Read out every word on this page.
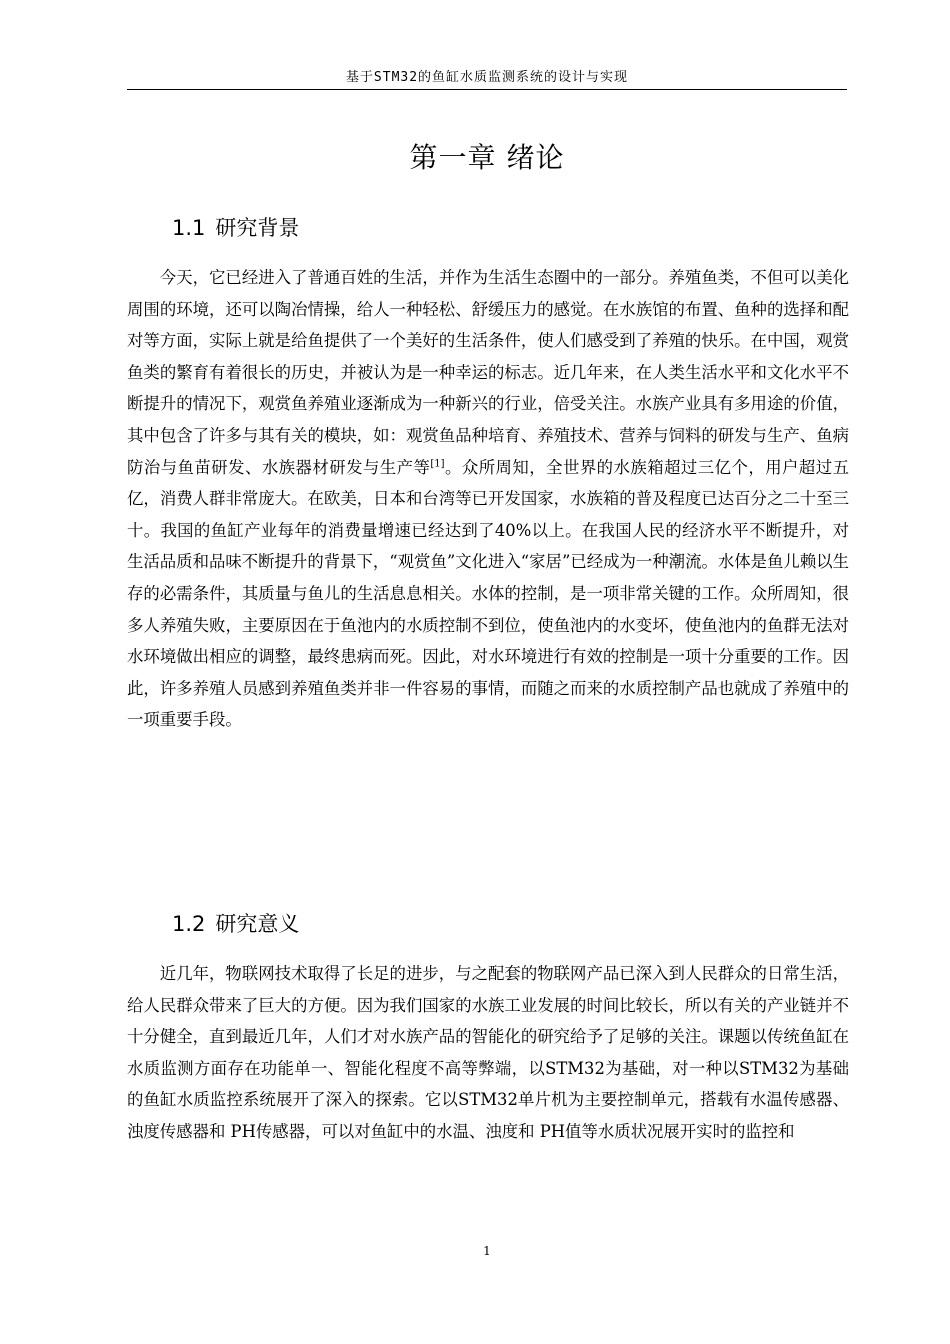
基于STM32的鱼缸水质监测系统的设计与实现
第一章 绪论
1.1 研究背景
今天，它已经进入了普通百姓的生活，并作为生活生态圈中的一部分。养殖鱼类，不但可以美化周围的环境，还可以陶冶情操，给人一种轻松、舒缓压力的感觉。在水族馆的布置、鱼种的选择和配对等方面，实际上就是给鱼提供了一个美好的生活条件，使人们感受到了养殖的快乐。在中国，观赏鱼类的繁育有着很长的历史，并被认为是一种幸运的标志。近几年来，在人类生活水平和文化水平不断提升的情况下，观赏鱼养殖业逐渐成为一种新兴的行业，倍受关注。水族产业具有多用途的价值，其中包含了许多与其有关的模块，如：观赏鱼品种培育、养殖技术、营养与饲料的研发与生产、鱼病防治与鱼苗研发、水族器材研发与生产等[1]。众所周知，全世界的水族箱超过三亿个，用户超过五亿，消费人群非常庞大。在欧美，日本和台湾等已开发国家，水族箱的普及程度已达百分之二十至三十。我国的鱼缸产业每年的消费量增速已经达到了40%以上。在我国人民的经济水平不断提升，对生活品质和品味不断提升的背景下，“观赏鱼”文化进入“家居”已经成为一种潮流。水体是鱼儿赖以生存的必需条件，其质量与鱼儿的生活息息相关。水体的控制，是一项非常关键的工作。众所周知，很多人养殖失败，主要原因在于鱼池内的水质控制不到位，使鱼池内的水变坏，使鱼池内的鱼群无法对水环境做出相应的调整，最终患病而死。因此，对水环境进行有效的控制是一项十分重要的工作。因此，许多养殖人员感到养殖鱼类并非一件容易的事情，而随之而来的水质控制产品也就成了养殖中的一项重要手段。
1.2 研究意义
近几年，物联网技术取得了长足的进步，与之配套的物联网产品已深入到人民群众的日常生活，给人民群众带来了巨大的方便。因为我们国家的水族工业发展的时间比较长，所以有关的产业链并不十分健全，直到最近几年，人们才对水族产品的智能化的研究给予了足够的关注。课题以传统鱼缸在水质监测方面存在功能单一、智能化程度不高等弊端，以STM32为基础，对一种以STM32为基础的鱼缸水质监控系统展开了深入的探索。它以STM32单片机为主要控制单元，搭载有水温传感器、浊度传感器和 PH传感器，可以对鱼缸中的水温、浊度和 PH值等水质状况展开实时的监控和
1
